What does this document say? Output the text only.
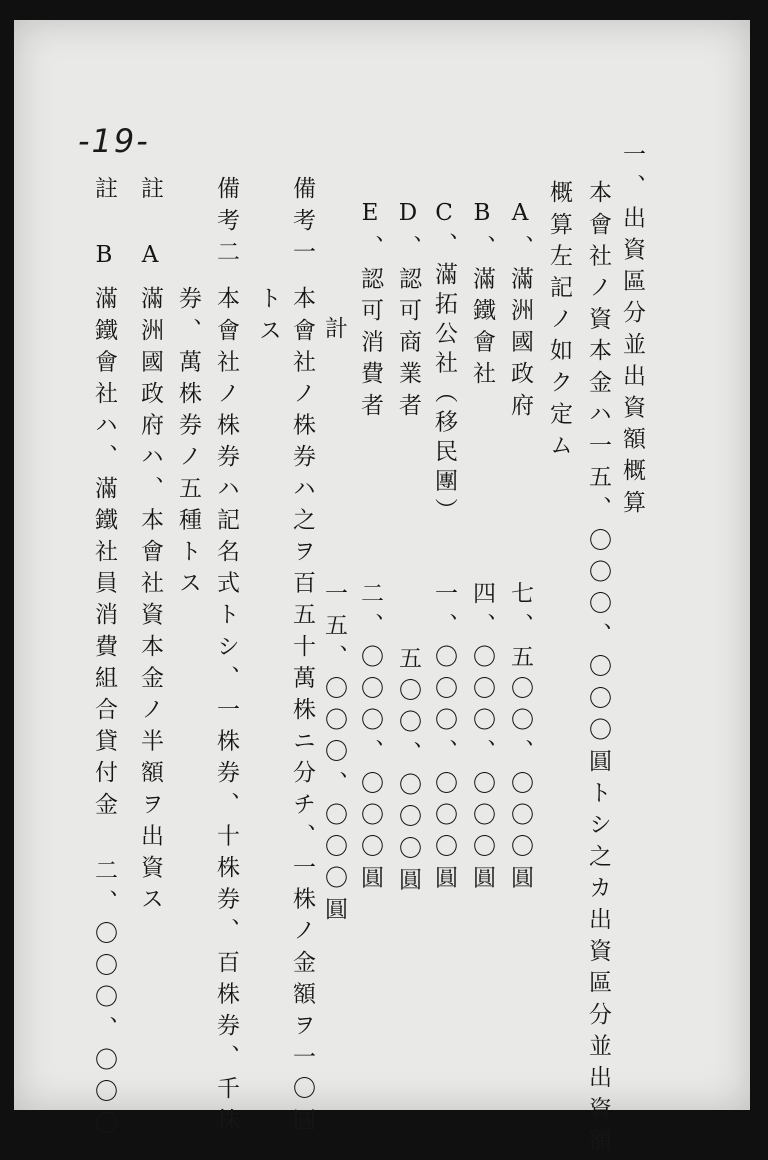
-19-
一、出資區分並出資額概算
本會社ノ資本金ハ一五、〇〇〇、〇〇〇圓トシ之カ出資區分並出資額
概算左記ノ如ク定ム
A、滿洲國政府
七、五〇〇、〇〇〇圓
B、滿鐵會社
四、〇〇〇、〇〇〇圓
C、滿拓公社（移民團）
一、〇〇〇、〇〇〇圓
D、認可商業者
五〇〇、〇〇〇圓
E、認可消費者
二、〇〇〇、〇〇〇圓
計
一五、〇〇〇、〇〇〇圓
備考一
本會社ノ株券ハ之ヲ百五十萬株ニ分チ、一株ノ金額ヲ一〇圓
トス
備考二
本會社ノ株券ハ記名式トシ、一株券、十株券、百株券、千株
券、萬株券ノ五種トス
註 A
滿洲國政府ハ、本會社資本金ノ半額ヲ出資ス
註 B
滿鐵會社ハ、滿鐵社員消費組合貸付金 二、〇〇〇、〇〇〇
